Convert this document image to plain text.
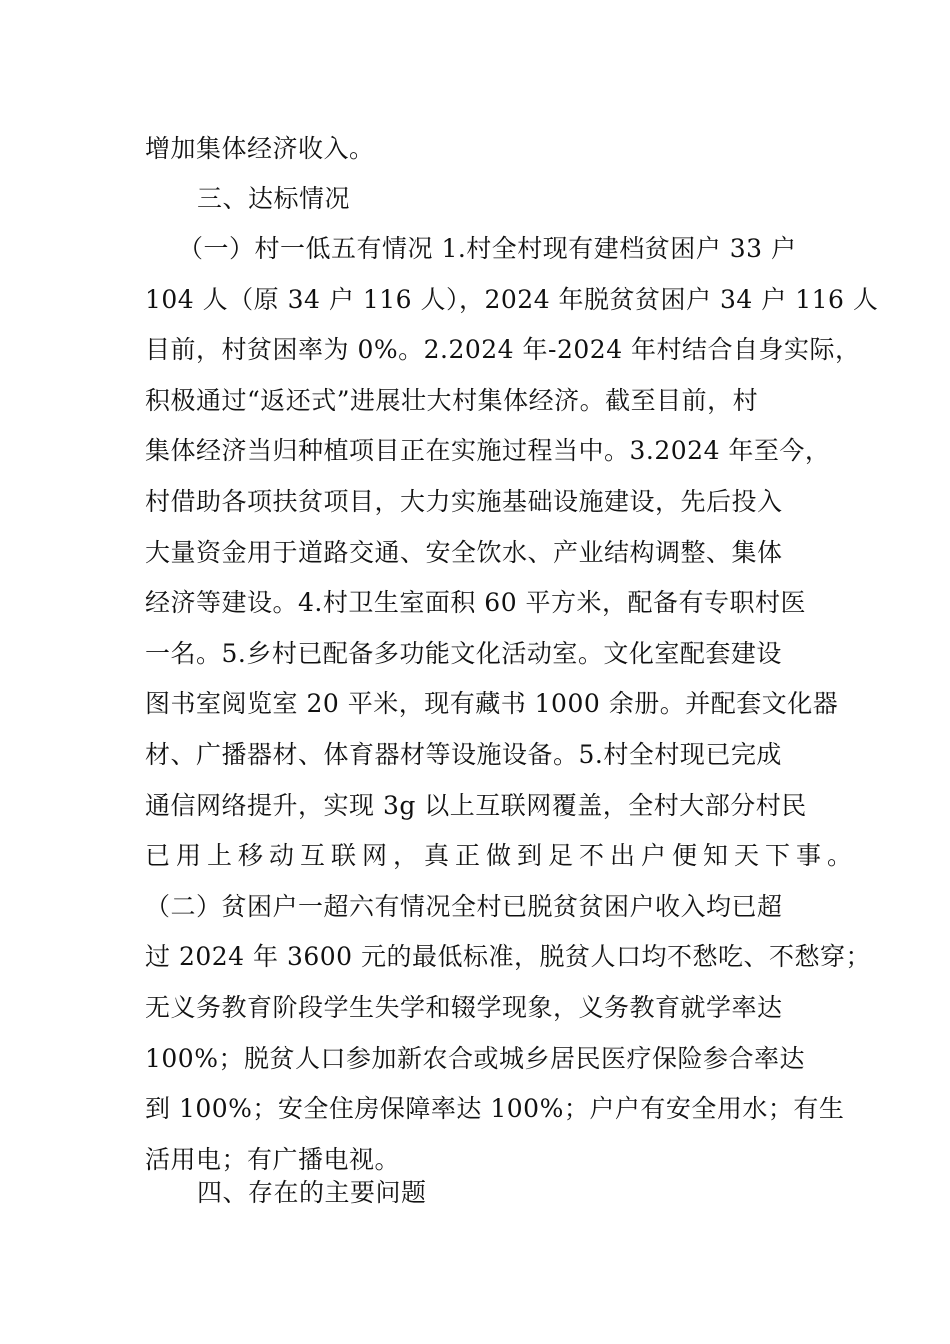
增加集体经济收入。
三、达标情况
（一）村一低五有情况 1.村全村现有建档贫困户 33 户
104 人（原 34 户 116 人），2024 年脱贫贫困户 34 户 116 人
目前，村贫困率为 0%。2.2024 年-2024 年村结合自身实际，
积极通过“返还式”进展壮大村集体经济。截至目前，村
集体经济当归种植项目正在实施过程当中。3.2024 年至今，
村借助各项扶贫项目，大力实施基础设施建设，先后投入
大量资金用于道路交通、安全饮水、产业结构调整、集体
经济等建设。4.村卫生室面积 60 平方米，配备有专职村医
一名。5.乡村已配备多功能文化活动室。文化室配套建设
图书室阅览室 20 平米，现有藏书 1000 余册。并配套文化器
材、广播器材、体育器材等设施设备。5.村全村现已完成
通信网络提升，实现 3g 以上互联网覆盖，全村大部分村民
已用上移动互联网，真正做到足不出户便知天下事。
（二）贫困户一超六有情况全村已脱贫贫困户收入均已超
过 2024 年 3600 元的最低标准，脱贫人口均不愁吃、不愁穿；
无义务教育阶段学生失学和辍学现象，义务教育就学率达
100%；脱贫人口参加新农合或城乡居民医疗保险参合率达
到 100%；安全住房保障率达 100%；户户有安全用水；有生
活用电；有广播电视。
四、存在的主要问题
